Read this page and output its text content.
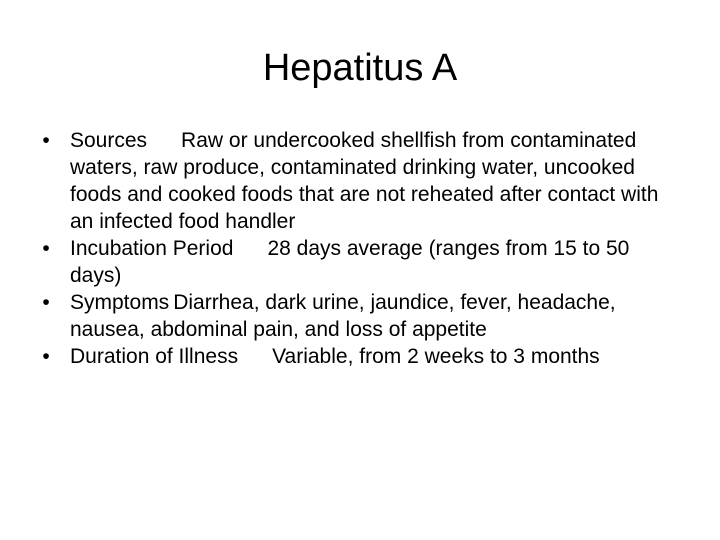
Hepatitus A
• Sources Raw or undercooked shellfish from contaminated waters, raw produce, contaminated drinking water, uncooked foods and cooked foods that are not reheated after contact with an infected food handler
• Incubation Period 28 days average (ranges from 15 to 50 days)
• Symptoms Diarrhea, dark urine, jaundice, fever, headache, nausea, abdominal pain, and loss of appetite
• Duration of Illness Variable, from 2 weeks to 3 months
